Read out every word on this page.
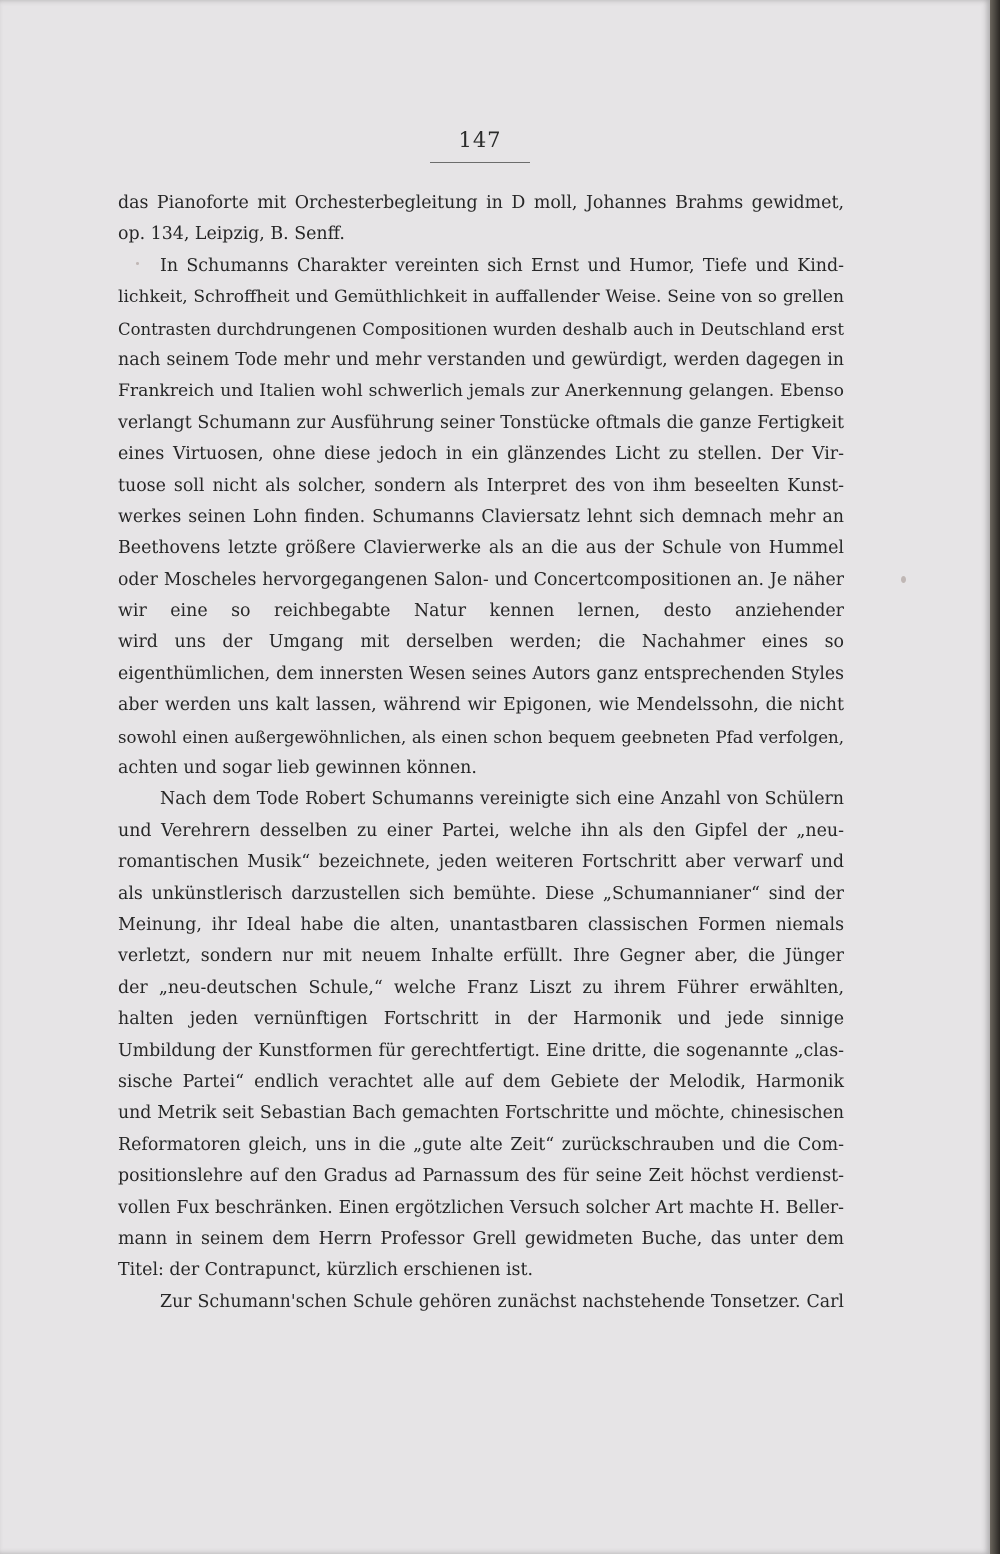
147

das Pianoforte mit Orchesterbegleitung in D moll, Johannes Brahms gewidmet,
op. 134, Leipzig, B. Senff.

In Schumanns Charakter vereinten sich Ernst und Humor, Tiefe und Kind-
lichkeit, Schroffheit und Gemüthlichkeit in auffallender Weise. Seine von so grellen
Contrasten durchdrungenen Compositionen wurden deshalb auch in Deutschland erst
nach seinem Tode mehr und mehr verstanden und gewürdigt, werden dagegen in
Frankreich und Italien wohl schwerlich jemals zur Anerkennung gelangen. Ebenso
verlangt Schumann zur Ausführung seiner Tonstücke oftmals die ganze Fertigkeit
eines Virtuosen, ohne diese jedoch in ein glänzendes Licht zu stellen. Der Vir-
tuose soll nicht als solcher, sondern als Interpret des von ihm beseelten Kunst-
werkes seinen Lohn finden. Schumanns Claviersatz lehnt sich demnach mehr an
Beethovens letzte größere Clavierwerke als an die aus der Schule von Hummel
oder Moscheles hervorgegangenen Salon- und Concertcompositionen an. Je näher
wir eine so reichbegabte Natur kennen lernen, desto anziehender
wird uns der Umgang mit derselben werden; die Nachahmer eines so
eigenthümlichen, dem innersten Wesen seines Autors ganz entsprechenden Styles
aber werden uns kalt lassen, während wir Epigonen, wie Mendelssohn, die nicht
sowohl einen außergewöhnlichen, als einen schon bequem geebneten Pfad verfolgen,
achten und sogar lieb gewinnen können.

Nach dem Tode Robert Schumanns vereinigte sich eine Anzahl von Schülern
und Verehrern desselben zu einer Partei, welche ihn als den Gipfel der „neu-
romantischen Musik“ bezeichnete, jeden weiteren Fortschritt aber verwarf und
als unkünstlerisch darzustellen sich bemühte. Diese „Schumannianer“ sind der
Meinung, ihr Ideal habe die alten, unantastbaren classischen Formen niemals
verletzt, sondern nur mit neuem Inhalte erfüllt. Ihre Gegner aber, die Jünger
der „neu-deutschen Schule,“ welche Franz Liszt zu ihrem Führer erwählten,
halten jeden vernünftigen Fortschritt in der Harmonik und jede sinnige
Umbildung der Kunstformen für gerechtfertigt. Eine dritte, die sogenannte „clas-
sische Partei“ endlich verachtet alle auf dem Gebiete der Melodik, Harmonik
und Metrik seit Sebastian Bach gemachten Fortschritte und möchte, chinesischen
Reformatoren gleich, uns in die „gute alte Zeit“ zurückschrauben und die Com-
positionslehre auf den Gradus ad Parnassum des für seine Zeit höchst verdienst-
vollen Fux beschränken. Einen ergötzlichen Versuch solcher Art machte H. Beller-
mann in seinem dem Herrn Professor Grell gewidmeten Buche, das unter dem
Titel: der Contrapunct, kürzlich erschienen ist.

Zur Schumann'schen Schule gehören zunächst nachstehende Tonsetzer. Carl
